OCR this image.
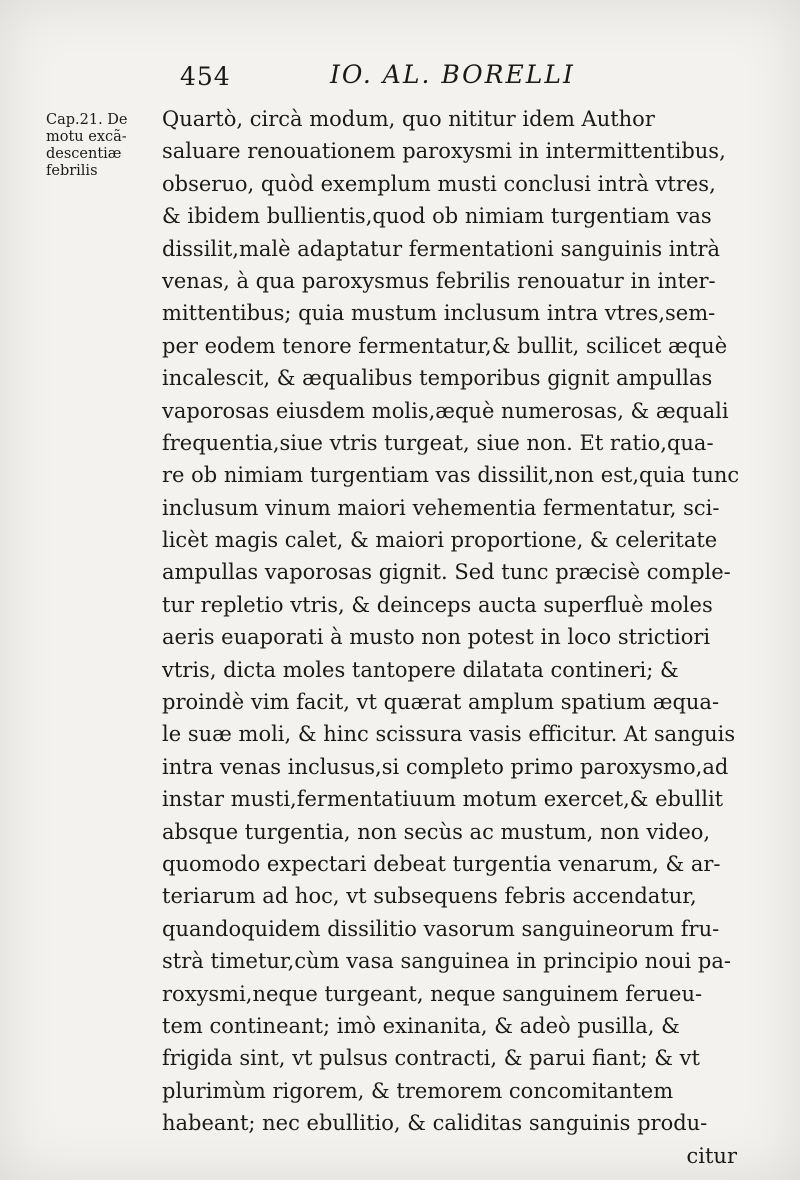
454	IO. AL. BORELLI
Cap.21. De
motu excã-
descentiæ
febrilis
Quartò, circà modum, quo nititur idem Author
saluare renouationem paroxysmi in intermittentibus,
obseruo, quòd exemplum musti conclusi intrà vtres,
& ibidem bullientis,quod ob nimiam turgentiam vas
dissilit,malè adaptatur fermentationi sanguinis intrà
venas, à qua paroxysmus febrilis renouatur in inter-
mittentibus; quia mustum inclusum intra vtres,sem-
per eodem tenore fermentatur,& bullit, scilicet æquè
incalescit, & æqualibus temporibus gignit ampullas
vaporosas eiusdem molis,æquè numerosas, & æquali
frequentia,siue vtris turgeat, siue non. Et ratio,qua-
re ob nimiam turgentiam vas dissilit,non est,quia tunc
inclusum vinum maiori vehementia fermentatur, sci-
licèt magis calet, & maiori proportione, & celeritate
ampullas vaporosas gignit. Sed tunc præcisè comple-
tur repletio vtris, & deinceps aucta superfluè moles
aeris euaporati à musto non potest in loco strictiori
vtris, dicta moles tantopere dilatata contineri; &
proindè vim facit, vt quærat amplum spatium æqua-
le suæ moli, & hinc scissura vasis efficitur. At sanguis
intra venas inclusus,si completo primo paroxysmo,ad
instar musti,fermentatiuum motum exercet,& ebullit
absque turgentia, non secùs ac mustum, non video,
quomodo expectari debeat turgentia venarum, & ar-
teriarum ad hoc, vt subsequens febris accendatur,
quandoquidem dissilitio vasorum sanguineorum fru-
strà timetur,cùm vasa sanguinea in principio noui pa-
roxysmi,neque turgeant, neque sanguinem ferueu-
tem contineant; imò exinanita, & adeò pusilla, &
frigida sint, vt pulsus contracti, & parui fiant; & vt
plurimùm rigorem, & tremorem concomitantem
habeant; nec ebullitio, & caliditas sanguinis produ-
citur
